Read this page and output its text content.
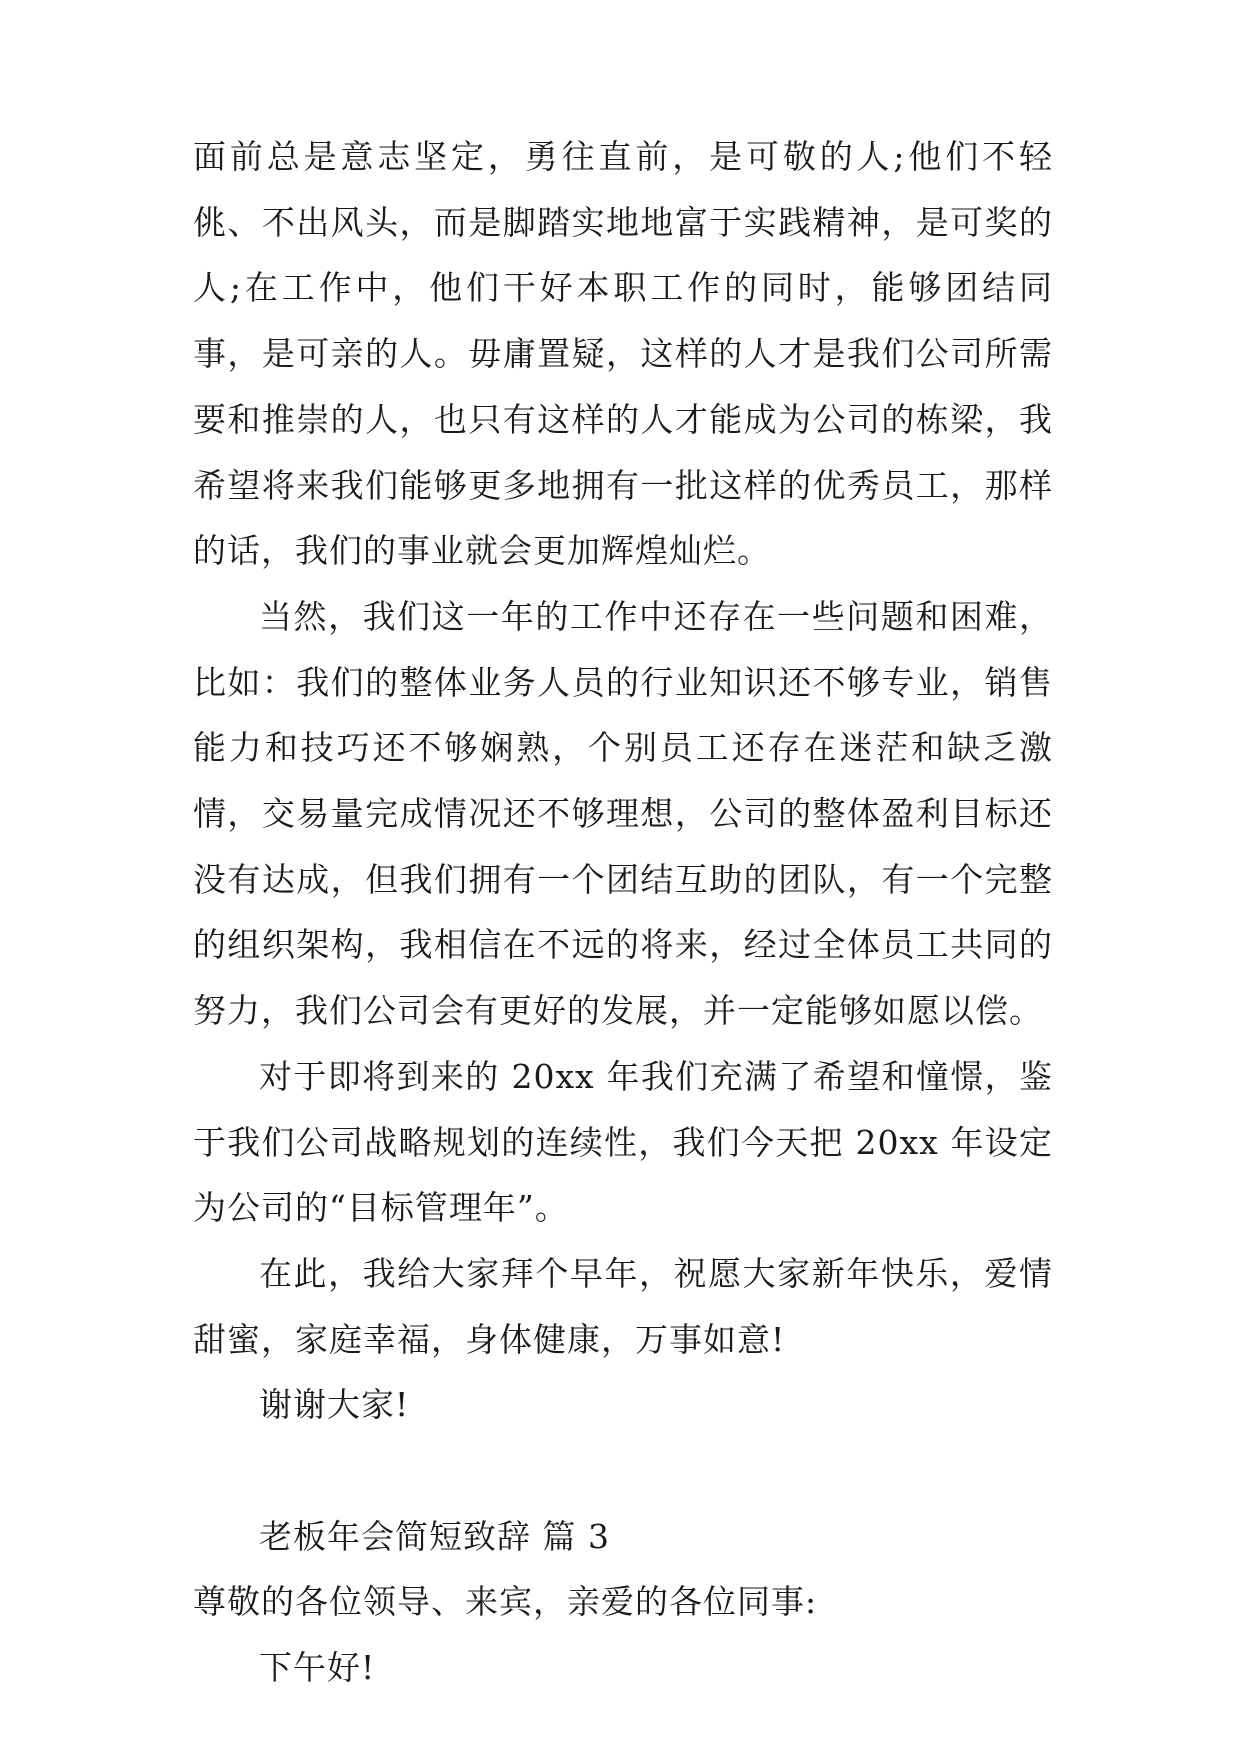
面前总是意志坚定，勇往直前，是可敬的人;他们不轻佻、不出风头，而是脚踏实地地富于实践精神，是可奖的人;在工作中，他们干好本职工作的同时，能够团结同事，是可亲的人。毋庸置疑，这样的人才是我们公司所需要和推崇的人，也只有这样的人才能成为公司的栋梁，我希望将来我们能够更多地拥有一批这样的优秀员工，那样的话，我们的事业就会更加辉煌灿烂。

当然，我们这一年的工作中还存在一些问题和困难，比如：我们的整体业务人员的行业知识还不够专业，销售能力和技巧还不够娴熟，个别员工还存在迷茫和缺乏激情，交易量完成情况还不够理想，公司的整体盈利目标还没有达成，但我们拥有一个团结互助的团队，有一个完整的组织架构，我相信在不远的将来，经过全体员工共同的努力，我们公司会有更好的发展，并一定能够如愿以偿。

对于即将到来的 20xx 年我们充满了希望和憧憬，鉴于我们公司战略规划的连续性，我们今天把 20xx 年设定为公司的“目标管理年”。

在此，我给大家拜个早年，祝愿大家新年快乐，爱情甜蜜，家庭幸福，身体健康，万事如意!

谢谢大家!

老板年会简短致辞 篇 3

尊敬的各位领导、来宾，亲爱的各位同事:

下午好!
